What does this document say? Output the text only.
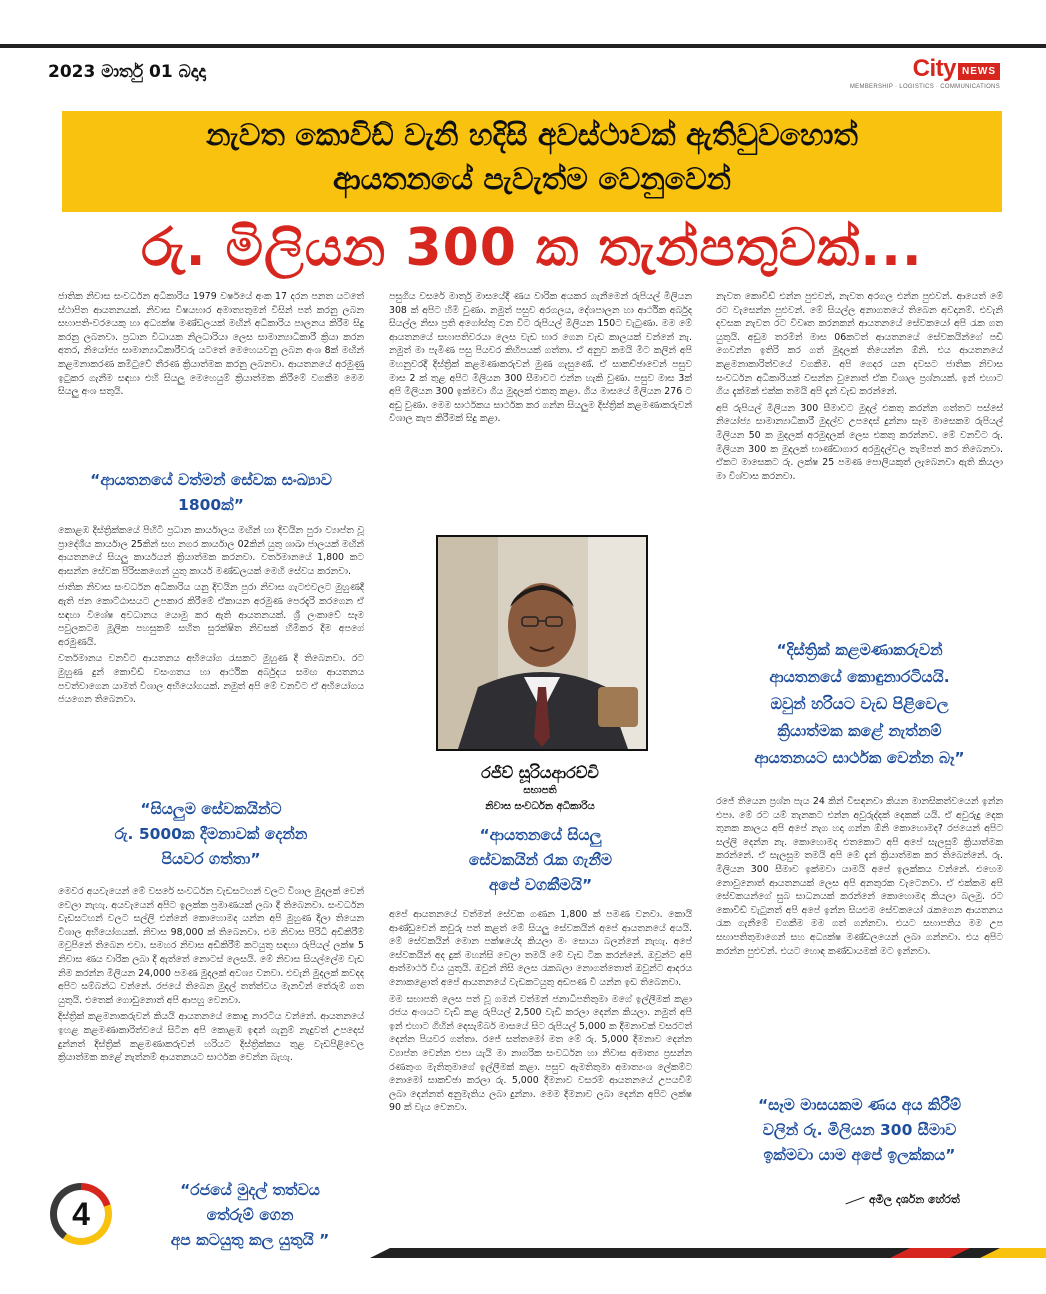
2023 මාර්තු 01 බදාදා	City NEWS
MEMBERSHIP · LOGISTICS · COMMUNICATIONS
නැවත කොවිඩ් වැනි හදිසි අවස්ථාවක් ඇතිවුවහොත්
ආයතනයේ පැවැත්ම වෙනුවෙන්
රු. මිලියන 300 ක තැන්පතුවක්...

ජාතික නිවාස සංවර්ධන අධිකාරිය 1979 වර්ෂයේ අංක 17 දරන පනත යටතේ ස්ථාපිත ආයතනයක්. නිවාස විෂයභාර අමාත්‍යතුමන් විසින් පත් කරනු ලබන සභාපති-වරයෙකු හා අධ්‍යක්ෂ මණ්ඩලයක් මඟින් අධිකාරිය පාලනය කිරීම සිදු කරනු ලබනවා. ප්‍රධාන විධායක නිලධාරියා ලෙස සාමාන්‍යාධිකාරී ක්‍රියා කරන අතර, නියෝජ්‍ය සාමාන්‍යාධිකාරීවරු යටතේ මෙහෙයවනු ලබන අංශ 8ක් මඟින් කළමනාකරණ කමිටුවේ තීරණ ක්‍රියාත්මක කරනු ලබනවා. ආයතනයේ අරමුණු ඉටුකර ගැනීම සඳහා එහි සියලු මෙහෙයුම් ක්‍රියාත්මක කිරීමේ වගකීම මෙම සියලු අංශ සතුයි.

“ආයතනයේ වත්මන් සේවක සංඛ්‍යාව 1800ක්”

කොළඹ දිස්ත්‍රික්කයේ පිහිටි ප්‍රධාන කාර්යාලය මඟින් හා දිවයින පුරා ව්‍යාප්ත වූ ප්‍රාදේශීය කාර්යාල 25කින් සහ නගර කාර්යාල 02කින් යුතු ශාඛා ජාලයක් මඟින් ආයතනයේ සියලු කාර්යයන් ක්‍රියාත්මක කරනවා. වර්තමානයේ 1,800 කට ආසන්න සේවක පිරිසකගෙන් යුතු කාර්ය මණ්ඩලයක් මෙහි සේවය කරනවා.

ජාතික නිවාස සංවර්ධන අධිකාරිය යනු දිවයින පුරා නිවාස ගැටළුවලට මුහුණදී ඇති ජන කොට්ඨාසයට උපකාර කිරීමේ ඒකායන අරමුණ පෙරදැරි කරගෙන ඒ සඳහා විශේෂ අවධානය යොමු කර ඇති ආයතනයක්. ශ්‍රී ලංකාවේ සෑම පවුලකටම මූලික පහසුකම් සහිත සුරක්ෂිත නිවසක් හිමිකර දීම අපගේ අරමුණයි.

වර්තමානය වනවිට ආයතනය අභියෝග රැසකට මුහුණ දී තිබෙනවා. රට මුහුණ දුන් කොවිඩ් වසංගතය හා ආර්ථික අර්බුදය සමඟ ආයතනය පවත්වාගෙන යාමත් විශාල අභියෝගයක්. නමුත් අපි මේ වනවිට ඒ අභියෝගය ජයගෙන තිබෙනවා.

“සියලුම සේවකයින්ට
රු. 5000ක දීමනාවක් දෙන්න
පියවර ගත්තා”

මෙවර අයවැයෙන් මේ වසරේ සංවර්ධන වැඩසටහන් වලට විශාල මුදලක් වෙන් වෙලා නැහැ. අයවැයෙන් අපිට ඉලක්ක ප්‍රමාණයක් ලබා දී තිබෙනවා. සංවර්ධන වැඩසටහන් වලට සල්ලි එන්නේ කොහොමද යන්න අපි මුහුණ දීලා තියෙන විශාල අභියෝගයක්. නිවාස 98,000 ක් තිබෙනවා. එම නිවාස පිරිධි අඩිකිරීම් මවුපිනේ තිබෙන එවා. සමහර නිවාස අඩිකිරීම් කටයුතු සඳහා රුපියල් ලක්ෂ 5 නිවාස ණය වාරික ලබා දී ඇත්තේ නොටස් ලෙසයි. මේ නිවාස සියල්ලේම වැඩ නිම කරන්න මිලියන 24,000 පමණ මුදලක් අවශ්‍ය වනවා. එවැනි මුදලක් කවදද අපිට සම්බන්ධ වන්නේ. රජයේ තිබෙන මුදල් තත්ත්වය මැනවින් තේරුම් ගත යුතුයි. එතෙක් ගොඩුනොත් අපි ආපහු වෙනවා.

දිස්ත්‍රික් කළමනාකරුවන් කියයි ආයතනයේ කොඳු නාරටිය වන්නේ. ආයතනයේ ඉහළ කළමණාකාරිත්වයේ සිටින අපි කොළඹ ඉඳන් ගැනුම් නැදුවත් උපදෙස් දුන්නත් දිස්ත්‍රික් කළමණාකරුවන් හරියට දිස්ත්‍රික්කය තුළ වැඩපිළිවෙල ක්‍රියාත්මක කළේ නැත්නම් ආයතනයට සාර්ථක වෙන්න බැහැ.

“රජයේ මුදල් තත්වය
තේරුම් ගෙන
අප කටයුතු කල යුතුයි ”

පසුගිය වසරේ මාර්තු මාසයේදී ණය වාරික අයකර ගැනීමෙන් රුපියල් මිලියන 308 ක් අපිට හිමි වුණා. නමුත් පසුව අරගලය, දේශපාලන හා ආර්ථික අර්බුද සියල්ල නිසා ප්‍රති අගෝස්තු වන විට රුපියල් මිලියන 150ට වැටුණා. මම මේ ආයතනයේ සභාපතිවරයා ලෙස වැඩ භාර ගෙන වැඩ කාලයක් වන්නේ නැ. නමුත් මා පැමිණ පසු පියවර කිහිපයක් ගත්තා. ඒ අනුව කමයි මීට කලින් අපි මහනුවරදී දිස්ත්‍රික් කළමණාකරුවන් මුණ ගැසුණේ. ඒ සාකච්ඡාවෙන් පසුව මාස 2 ක් තුළ අපිට මිලියන 300 සීමාවට එන්න හැකි වුණා. පසුව මාස 3ක් අපි මිලියන 300 ඉක්මවා ගිය මුදලක් එකතු කළා. ගිය මාසයේ මිලියන 276 ට අඩු වුණා. මෙම සාර්ථකය සාර්ථක කර ගන්න සියලුම දිස්ත්‍රික් කළමණාකරුවන් විශාල කැප කිරීමක් සිදු කළා.

රජීව් සූරියආරච්චි
සභාපති
නිවාස සංවර්ධන අධිකාරිය
“ආයතනයේ සියලු
සේවකයින් රැක ගැනීම
අපේ වගකීමයි”

අපේ ආයතනයේ වත්මන් සේවක ගණන 1,800 ක් පමණ වනවා. කොයි ආණ්ඩුවෙන් කවුරු පත් කළත් මේ සියලු සේවකයින් අපේ ආයතනයේ අයයි. මේ සේවකයින් මොන පක්ෂයේද කියලා මං සොයා බලන්නේ නැහැ. අපේ සේවකයින් අද දුක් මහන්සි වෙලා තමයි මේ වැඩ ටික කරන්නේ. ඔවුන්ට අපි ආත්මාර්ථ විය යුතුයි. ඔවුන් නිසි ලෙස රැකබලා නොගත්තොත් ඔවුන්ට ආදරය නොකළොත් අපේ ආයතනයේ වැඩකටයුතු අඩපණ වී යන්න ඉඩ තිබෙනවා.

මම සභාපති ලෙස පත් වූ ගමන් වත්මන් ජනාධිපතිතුමා මගේ ඉල්ලීමක් කළා රජය අංශයට වැඩි කළ රුපියල් 2,500 වැඩි කරලා දෙන්න කියලා. නමුත් අපි ඉන් එහාට ගිහින් දෙසැම්බර් මාසයේ සිට රුපියල් 5,000 ක දීමනාවක් වසරටත් දෙන්න පියවර ගත්තා. රජේ සත්තමෝ මත මේ රු. 5,000 දීමනාව දෙන්න ව්‍යාප්ත වෙන්න එපා යැයි මා නාගරික සංවර්ධන හා නිවාස අමාත්‍ය ප්‍රසන්න රණතුංග මැතිතුමාගේ ඉල්ලීමක් කළා. පසුව ඇමතිතුමා අමාත්‍යංශ ලේකම්ට නොමෝ සාකච්ඡා කරලා රු. 5,000 දීමනාව වසරම් ආයතනයේ උපයවීම් ලබා දෙන්නත් අනුමැතිය ලබා දුන්නා. මෙම දීමනාව ලබා දෙන්න අපිට ලක්ෂ 90 ක් වැය වෙනවා.

නැවත කොවිඩ් එන්න පුළුවන්, නැවත අරගල එන්න පුළුවන්. ආයෙත් මේ රට වැසෙන්න පුළුවන්. මේ සියල්ල අනාගතයේ තිබෙන අවදානම්. එවැනි දවසක නැවත රට විවෘත කරනකන් ආයතනයේ සේවකයෝ අපි රැක ගත යුතුයි. අඩුම තරමින් මාස 06කටත් ආයතනයේ සේවකයින්ගේ පඩි ගෙවන්න ඉතිරි කර ගත් මුදලක් තියෙන්න ඕනි. එය ආයතනයේ කළමනාකාරිත්වයේ වගකීම. අපි ගෙදර යන දවසට ජාතික නිවාස සංවර්ධන අධිකාරියක් වසන්න වුනොත් ඒක විශාල ප්‍රශ්නයක්. ඉන් එහාට ගිය දැක්මක් එක්ක තමයි අපි දැන් වැඩ කරන්නේ.

අපි රුපියල් මිලියන 300 සීමාවට මුදල් එකතු කරන්න ගත්තට පස්සේ නියෝජ්‍ය සාමාන්‍යාධිකාරී මුදල්ව උපදෙස් දුන්නා සෑම මාසෙකම රුපියල් මිලියන 50 ක මුදලක් අරමුදලක් ලෙස එකතු කරන්නව. මේ වනවිට රු. මිලියන 300 ක මුදලක් භාණ්ඩාගාර අරමුදල්වල තැම්පත් කර තිබෙනවා. ඒකට මාසෙකට රු. ලක්ෂ 25 පමණ පොලියකුත් ලැබෙනවා ඇති කියලා මා විශ්වාස කරනවා.

“දිස්ත්‍රික් කළමණාකරුවන්
ආයතනයේ කොඳුනාරටියයි.
ඔවුන් හරියට වැඩ පිළිවෙල
ක්‍රියාත්මක කළේ නැත්නම්
ආයතනයට සාර්ථක වෙන්න බෑ”

රජේ තියෙන ප්‍රශ්න පැය 24 කින් විසඳනවා කියන මානසිකත්වයෙන් ඉන්න එපා. මේ රට යම් තැනකට එන්න අවුරුද්දක් දෙකක් යයි. ඒ අවුරුදු දෙක තුනක කාලය අපි අපේ නැග හදා ගන්න ඕනි කොහොමද? රජයෙන් අපිට සල්ලි දෙන්න නැ. කොහොමද එතකොට අපි අපේ සැලසුම් ක්‍රියාත්මක කරන්නේ. ඒ සැලසුම තමයි අපි මේ දැන් ක්‍රියාත්මක කර තිබෙන්නේ. රු. මිලියන 300 සීමාව ඉක්මවා යාමයි අපේ ඉලක්කය වන්නේ. එහෙම නොවුනොත් ආයතනයක් ලෙස අපි අනතුරක වැටෙනවා. ඒ එක්කම අපි සේවකයන්ගේ සුබ සාධනයක් කරන්නේ කොහොමද කියලා බලමු. රට කොවිඩ් වැටුනත් අපි අපේ ඉන්න සියළුම සේවකයෝ රැකගෙන ආයතනය රැක ගැනීමේ වගකීම මම ගත් ගන්නවා. එයට සභාපතිය මම උප සභාපතිතුමාගෙන් සහ අධ්‍යක්ෂ මණ්ඩලයෙන් ලබා ගන්නවා. එය අපිට කරන්න පුළුවන්. එයට හොඳ කණ්ඩායමක් මට ඉන්නවා.

“සෑම මාසයකම ණය අය කිරීම්
වලින් රු. මිලියන 300 සීමාව
ඉක්මවා යාම අපේ ඉලක්කය”
අමිල දර්ශන හේරත්
4
